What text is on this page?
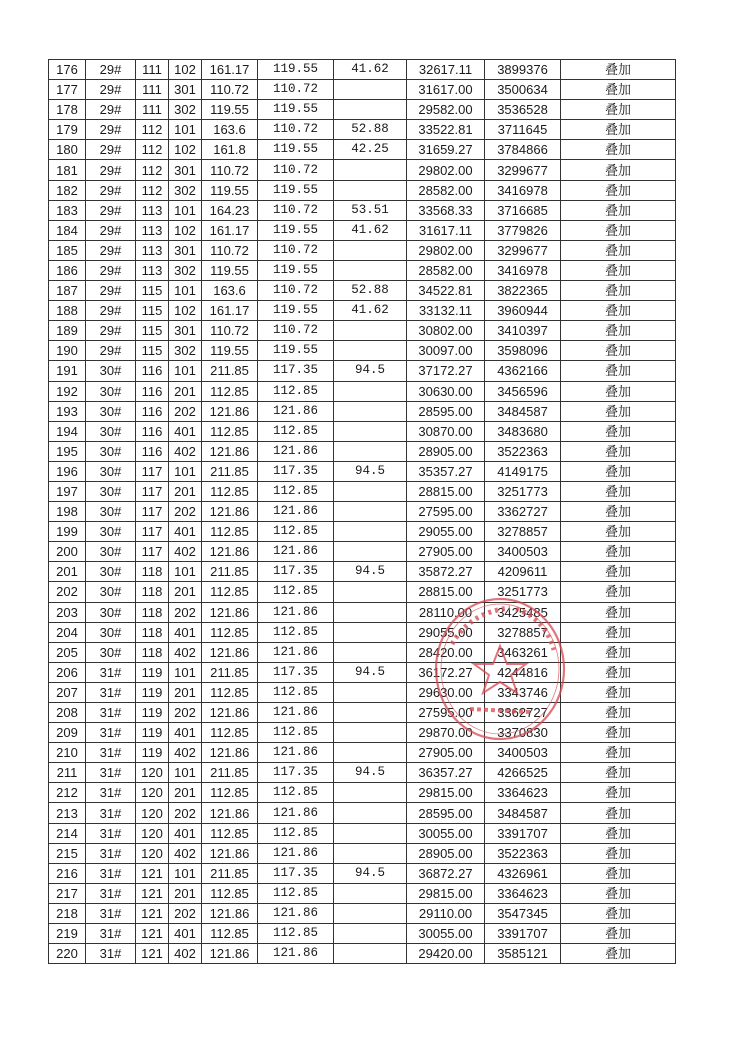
176	29#	111	102	161.17	119.55	41.62	32617.11	3899376	叠加
177	29#	111	301	110.72	110.72		31617.00	3500634	叠加
178	29#	111	302	119.55	119.55		29582.00	3536528	叠加
179	29#	112	101	163.6	110.72	52.88	33522.81	3711645	叠加
180	29#	112	102	161.8	119.55	42.25	31659.27	3784866	叠加
181	29#	112	301	110.72	110.72		29802.00	3299677	叠加
182	29#	112	302	119.55	119.55		28582.00	3416978	叠加
183	29#	113	101	164.23	110.72	53.51	33568.33	3716685	叠加
184	29#	113	102	161.17	119.55	41.62	31617.11	3779826	叠加
185	29#	113	301	110.72	110.72		29802.00	3299677	叠加
186	29#	113	302	119.55	119.55		28582.00	3416978	叠加
187	29#	115	101	163.6	110.72	52.88	34522.81	3822365	叠加
188	29#	115	102	161.17	119.55	41.62	33132.11	3960944	叠加
189	29#	115	301	110.72	110.72		30802.00	3410397	叠加
190	29#	115	302	119.55	119.55		30097.00	3598096	叠加
191	30#	116	101	211.85	117.35	94.5	37172.27	4362166	叠加
192	30#	116	201	112.85	112.85		30630.00	3456596	叠加
193	30#	116	202	121.86	121.86		28595.00	3484587	叠加
194	30#	116	401	112.85	112.85		30870.00	3483680	叠加
195	30#	116	402	121.86	121.86		28905.00	3522363	叠加
196	30#	117	101	211.85	117.35	94.5	35357.27	4149175	叠加
197	30#	117	201	112.85	112.85		28815.00	3251773	叠加
198	30#	117	202	121.86	121.86		27595.00	3362727	叠加
199	30#	117	401	112.85	112.85		29055.00	3278857	叠加
200	30#	117	402	121.86	121.86		27905.00	3400503	叠加
201	30#	118	101	211.85	117.35	94.5	35872.27	4209611	叠加
202	30#	118	201	112.85	112.85		28815.00	3251773	叠加
203	30#	118	202	121.86	121.86		28110.00	3425485	叠加
204	30#	118	401	112.85	112.85		29055.00	3278857	叠加
205	30#	118	402	121.86	121.86		28420.00	3463261	叠加
206	31#	119	101	211.85	117.35	94.5	36172.27	4244816	叠加
207	31#	119	201	112.85	112.85		29630.00	3343746	叠加
208	31#	119	202	121.86	121.86		27595.00	3362727	叠加
209	31#	119	401	112.85	112.85		29870.00	3370830	叠加
210	31#	119	402	121.86	121.86		27905.00	3400503	叠加
211	31#	120	101	211.85	117.35	94.5	36357.27	4266525	叠加
212	31#	120	201	112.85	112.85		29815.00	3364623	叠加
213	31#	120	202	121.86	121.86		28595.00	3484587	叠加
214	31#	120	401	112.85	112.85		30055.00	3391707	叠加
215	31#	120	402	121.86	121.86		28905.00	3522363	叠加
216	31#	121	101	211.85	117.35	94.5	36872.27	4326961	叠加
217	31#	121	201	112.85	112.85		29815.00	3364623	叠加
218	31#	121	202	121.86	121.86		29110.00	3547345	叠加
219	31#	121	401	112.85	112.85		30055.00	3391707	叠加
220	31#	121	402	121.86	121.86		29420.00	3585121	叠加
